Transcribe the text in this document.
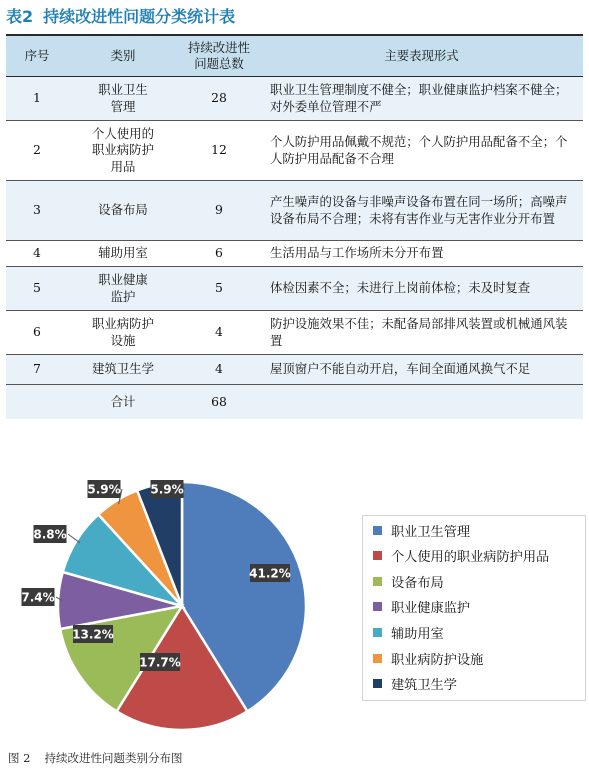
表2 持续改进性问题分类统计表
序号	类别	持续改进性
问题总数	主要表现形式
1	职业卫生
管理	28	职业卫生管理制度不健全；职业健康监护档案不健全；对外委单位管理不严
2	个人使用的
职业病防护
用品	12	个人防护用品佩戴不规范；个人防护用品配备不全；个人防护用品配备不合理
3	设备布局	9	产生噪声的设备与非噪声设备布置在同一场所；高噪声设备布局不合理；未将有害作业与无害作业分开布置
4	辅助用室	6	生活用品与工作场所未分开布置
5	职业健康
监护	5	体检因素不全；未进行上岗前体检；未及时复查
6	职业病防护
设施	4	防护设施效果不佳；未配备局部排风装置或机械通风装置
7	建筑卫生学	4	屋顶窗户不能自动开启，车间全面通风换气不足
	合计	68	
41.2%
17.7%
13.2%
7.4%
8.8%
5.9% 5.9%
职业卫生管理
个人使用的职业病防护用品
设备布局
职业健康监护
辅助用室
职业病防护设施
建筑卫生学
图 2 持续改进性问题类别分布图
